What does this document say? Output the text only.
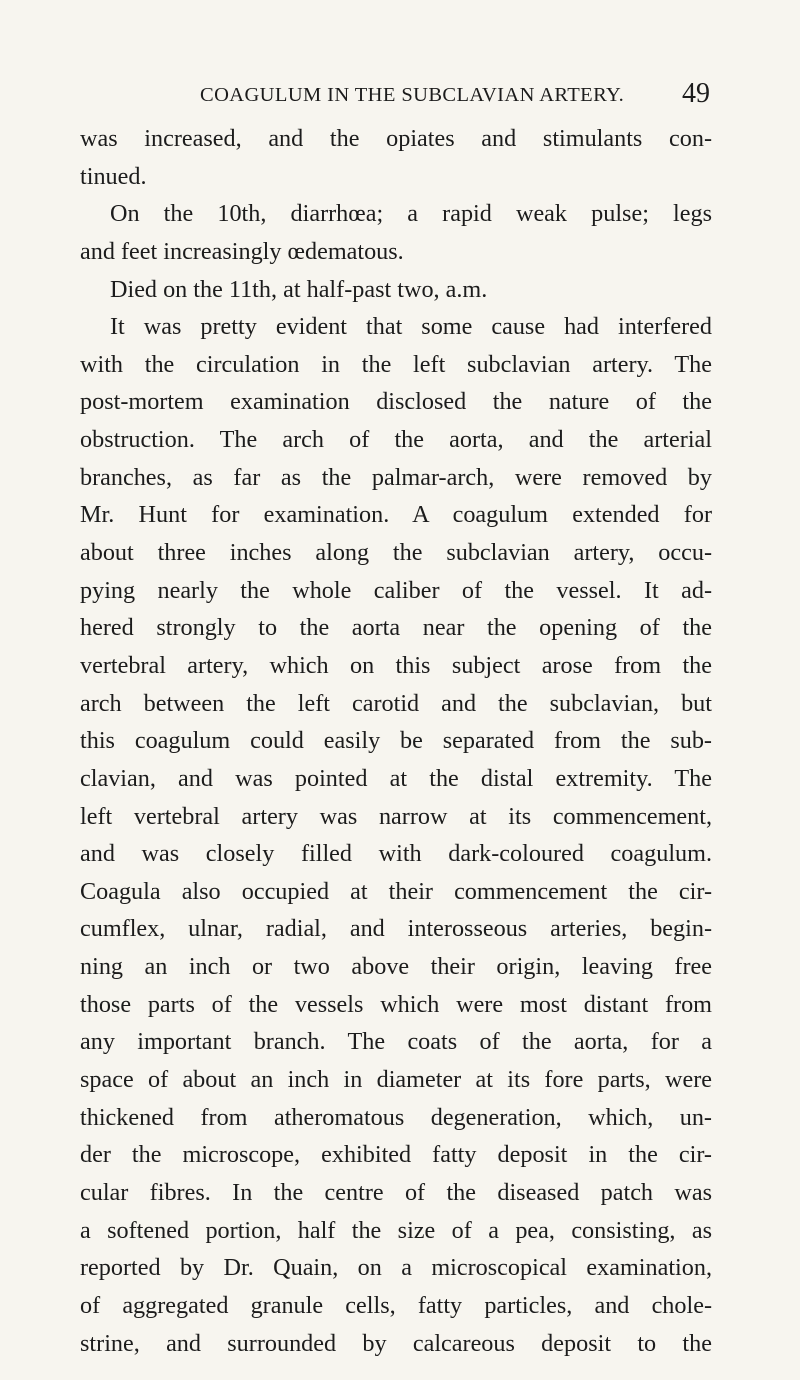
COAGULUM IN THE SUBCLAVIAN ARTERY. 49
was increased, and the opiates and stimulants con-
tinued.
On the 10th, diarrhœa; a rapid weak pulse; legs
and feet increasingly œdematous.
Died on the 11th, at half-past two, a.m.
It was pretty evident that some cause had interfered
with the circulation in the left subclavian artery. The
post-mortem examination disclosed the nature of the
obstruction. The arch of the aorta, and the arterial
branches, as far as the palmar-arch, were removed by
Mr. Hunt for examination. A coagulum extended for
about three inches along the subclavian artery, occu-
pying nearly the whole caliber of the vessel. It ad-
hered strongly to the aorta near the opening of the
vertebral artery, which on this subject arose from the
arch between the left carotid and the subclavian, but
this coagulum could easily be separated from the sub-
clavian, and was pointed at the distal extremity. The
left vertebral artery was narrow at its commencement,
and was closely filled with dark-coloured coagulum.
Coagula also occupied at their commencement the cir-
cumflex, ulnar, radial, and interosseous arteries, begin-
ning an inch or two above their origin, leaving free
those parts of the vessels which were most distant from
any important branch. The coats of the aorta, for a
space of about an inch in diameter at its fore parts, were
thickened from atheromatous degeneration, which, un-
der the microscope, exhibited fatty deposit in the cir-
cular fibres. In the centre of the diseased patch was
a softened portion, half the size of a pea, consisting, as
reported by Dr. Quain, on a microscopical examination,
of aggregated granule cells, fatty particles, and chole-
strine, and surrounded by calcareous deposit to the
